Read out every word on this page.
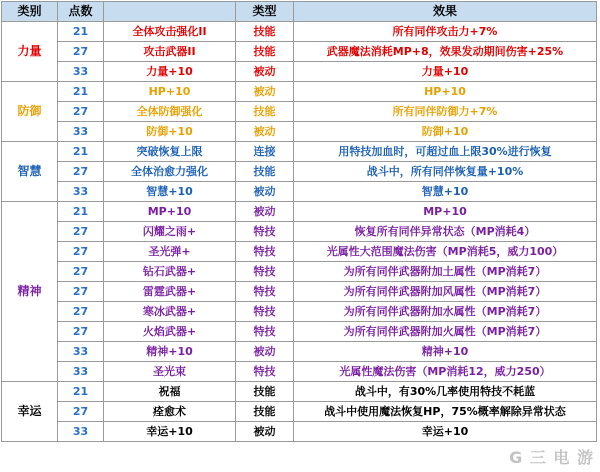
类别	点数		类型	效果
力量	21	全体攻击强化II	技能	所有同伴攻击力+7%
	27	攻击武器II	技能	武器魔法消耗MP+8，效果发动期间伤害+25%
	33	力量+10	被动	力量+10
防御	21	HP+10	被动	HP+10
	27	全体防御强化	技能	所有同伴防御力+7%
	33	防御+10	被动	防御+10
智慧	21	突破恢复上限	连接	用特技加血时，可超过血上限30%进行恢复
	27	全体治愈力强化	技能	战斗中，所有同伴恢复量+10%
	33	智慧+10	被动	智慧+10
精神	21	MP+10	被动	MP+10
	27	闪耀之雨+	特技	恢复所有同伴异常状态（MP消耗4）
	27	圣光弹+	特技	光属性大范围魔法伤害（MP消耗5，威力100）
	27	钻石武器+	特技	为所有同伴武器附加土属性（MP消耗7）
	27	雷霆武器+	特技	为所有同伴武器附加风属性（MP消耗7）
	27	寒冰武器+	特技	为所有同伴武器附加水属性（MP消耗7）
	27	火焰武器+	特技	为所有同伴武器附加火属性（MP消耗7）
	33	精神+10	被动	精神+10
	33	圣光束	特技	光属性魔法伤害（MP消耗12，威力250）
幸运	21	祝福	技能	战斗中，有30%几率使用特技不耗蓝
	27	痊愈术	技能	战斗中使用魔法恢复HP，75%概率解除异常状态
	33	幸运+10	被动	幸运+10
G 三 电 游
